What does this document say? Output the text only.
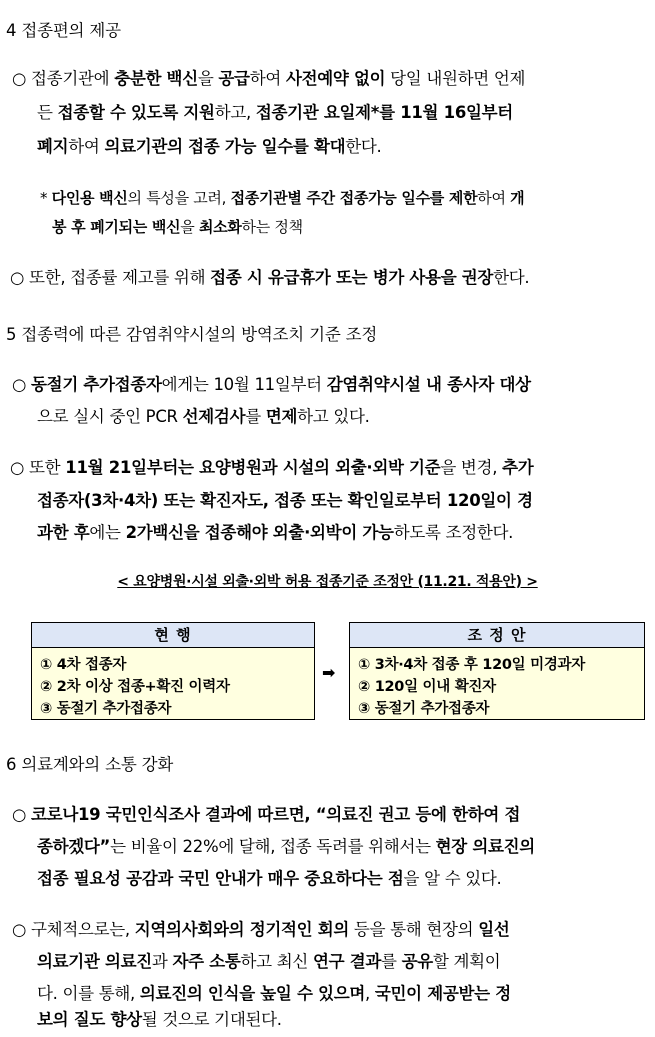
4 접종편의 제공
○ 접종기관에 충분한 백신을 공급하여 사전예약 없이 당일 내원하면 언제
든 접종할 수 있도록 지원하고, 접종기관 요일제*를 11월 16일부터
폐지하여 의료기관의 접종 가능 일수를 확대한다.
* 다인용 백신의 특성을 고려, 접종기관별 주간 접종가능 일수를 제한하여 개
봉 후 폐기되는 백신을 최소화하는 정책
○ 또한, 접종률 제고를 위해 접종 시 유급휴가 또는 병가 사용을 권장한다.
5 접종력에 따른 감염취약시설의 방역조치 기준 조정
○ 동절기 추가접종자에게는 10월 11일부터 감염취약시설 내 종사자 대상
으로 실시 중인 PCR 선제검사를 면제하고 있다.
○ 또한 11월 21일부터는 요양병원과 시설의 외출·외박 기준을 변경, 추가
접종자(3차·4차) 또는 확진자도, 접종 또는 확인일로부터 120일이 경
과한 후에는 2가백신을 접종해야 외출·외박이 가능하도록 조정한다.
< 요양병원·시설 외출·외박 허용 접종기준 조정안 (11.21. 적용안) >
현 행
① 4차 접종자
② 2차 이상 접종+확진 이력자
③ 동절기 추가접종자
➡
조 정 안
① 3차·4차 접종 후 120일 미경과자
② 120일 이내 확진자
③ 동절기 추가접종자
6 의료계와의 소통 강화
○ 코로나19 국민인식조사 결과에 따르면, “의료진 권고 등에 한하여 접
종하겠다”는 비율이 22%에 달해, 접종 독려를 위해서는 현장 의료진의
접종 필요성 공감과 국민 안내가 매우 중요하다는 점을 알 수 있다.
○ 구체적으로는, 지역의사회와의 정기적인 회의 등을 통해 현장의 일선
의료기관 의료진과 자주 소통하고 최신 연구 결과를 공유할 계획이
다. 이를 통해, 의료진의 인식을 높일 수 있으며, 국민이 제공받는 정
보의 질도 향상될 것으로 기대된다.
